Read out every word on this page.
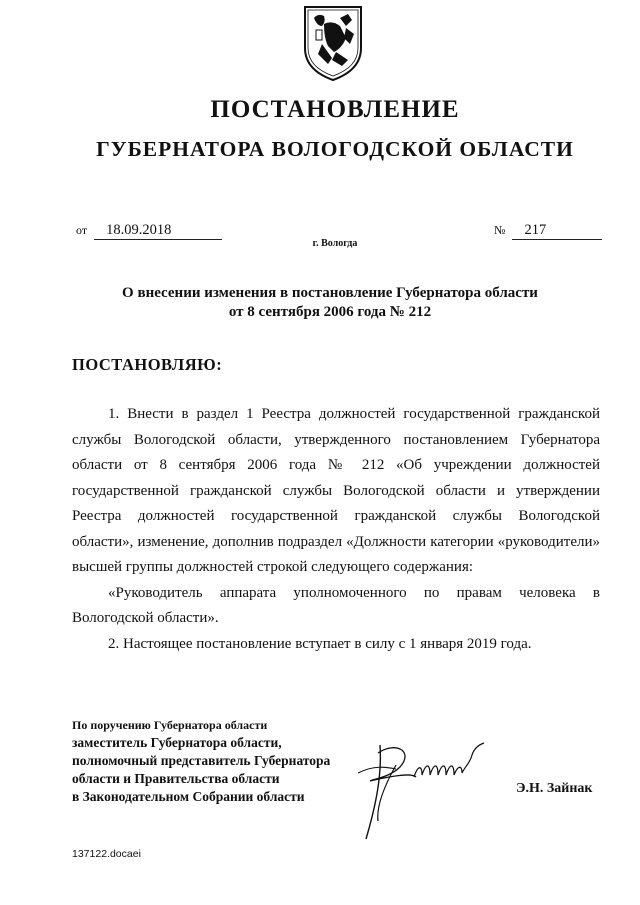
ПОСТАНОВЛЕНИЕ
ГУБЕРНАТОРА ВОЛОГОДСКОЙ ОБЛАСТИ
от 18.09.2018	№ 217
г. Вологда
О внесении изменения в постановление Губернатора области
от 8 сентября 2006 года № 212
ПОСТАНОВЛЯЮ:

1. Внести в раздел 1 Реестра должностей государственной гражданской службы Вологодской области, утвержденного постановлением Губернатора области от 8 сентября 2006 года № 212 «Об учреждении должностей государственной гражданской службы Вологодской области и утверждении Реестра должностей государственной гражданской службы Вологодской области», изменение, дополнив подраздел «Должности категории «руководители» высшей группы должностей строкой следующего содержания:

«Руководитель аппарата уполномоченного по правам человека в Вологодской области».

2. Настоящее постановление вступает в силу с 1 января 2019 года.

По поручению Губернатора области
заместитель Губернатора области,
полномочный представитель Губернатора
области и Правительства области
в Законодательном Собрании области
Э.Н. Зайнак
137122.docaei
